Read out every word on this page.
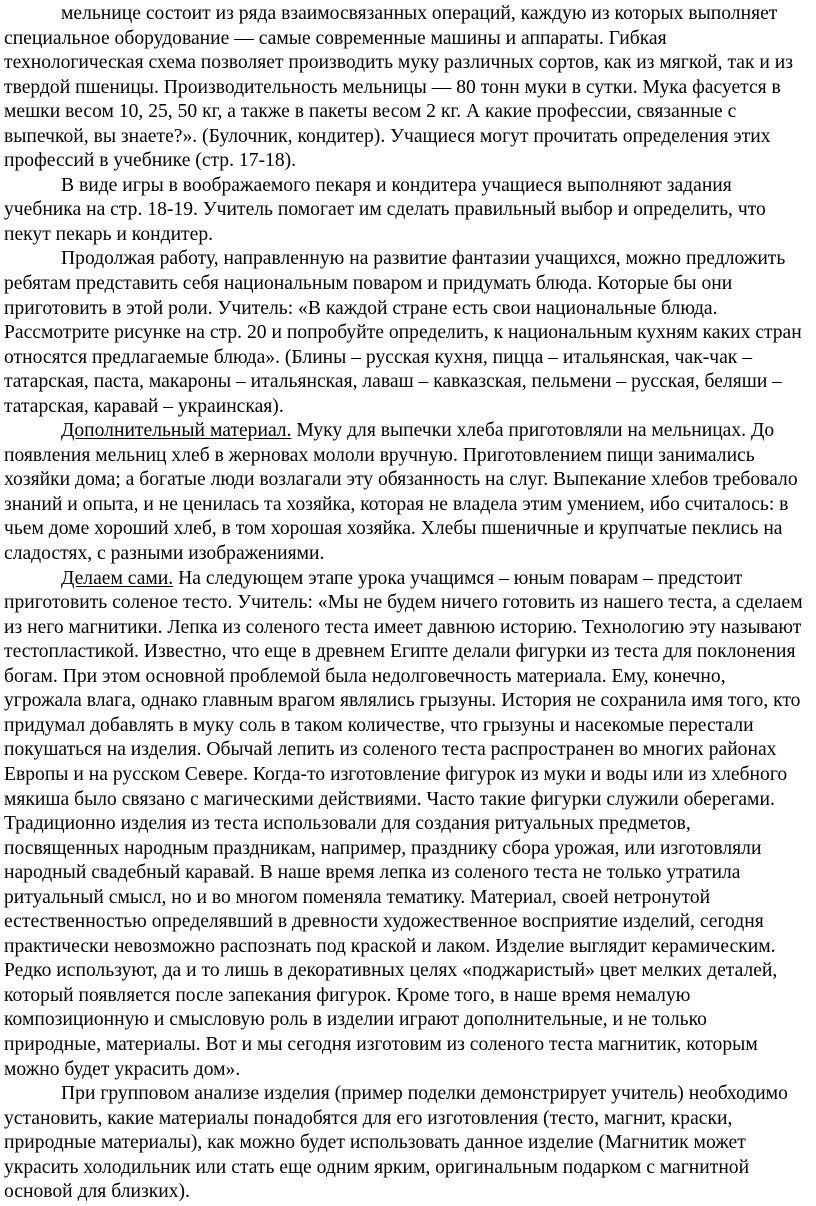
мельнице состоит из ряда взаимосвязанных операций, каждую из которых выполняет специальное оборудование — самые современные машины и аппараты. Гибкая технологическая схема позволяет производить муку различных сортов, как из мягкой, так и из твердой пшеницы. Производительность мельницы — 80 тонн муки в сутки. Мука фасуется в мешки весом 10, 25, 50 кг, а также в пакеты весом 2 кг. А какие профессии, связанные с выпечкой, вы знаете?». (Булочник, кондитер). Учащиеся могут прочитать определения этих профессий в учебнике (стр. 17-18).
В виде игры в воображаемого пекаря и кондитера учащиеся выполняют задания учебника на стр. 18-19. Учитель помогает им сделать правильный выбор и определить, что пекут пекарь и кондитер.
Продолжая работу, направленную на развитие фантазии учащихся, можно предложить ребятам представить себя национальным поваром и придумать блюда. Которые бы они приготовить в этой роли. Учитель: «В каждой стране есть свои национальные блюда. Рассмотрите рисунке на стр. 20 и попробуйте определить, к национальным кухням каких стран относятся предлагаемые блюда». (Блины – русская кухня, пицца – итальянская, чак-чак – татарская, паста, макароны – итальянская, лаваш – кавказская, пельмени – русская, беляши – татарская, каравай – украинская).
Дополнительный материал. Муку для выпечки хлеба приготовляли на мельницах. До появления мельниц хлеб в жерновах мололи вручную. Приготовлением пищи занимались хозяйки дома; а богатые люди возлагали эту обязанность на слуг. Выпекание хлебов требовало знаний и опыта, и не ценилась та хозяйка, которая не владела этим умением, ибо считалось: в чьем доме хороший хлеб, в том хорошая хозяйка. Хлебы пшеничные и крупчатые пеклись на сладостях, с разными изображениями.
Делаем сами. На следующем этапе урока учащимся – юным поварам – предстоит приготовить соленое тесто. Учитель: «Мы не будем ничего готовить из нашего теста, а сделаем из него магнитики. Лепка из соленого теста имеет давнюю историю. Технологию эту называют тестопластикой. Известно, что еще в древнем Египте делали фигурки из теста для поклонения богам. При этом основной проблемой была недолговечность материала. Ему, конечно, угрожала влага, однако главным врагом являлись грызуны. История не сохранила имя того, кто придумал добавлять в муку соль в таком количестве, что грызуны и насекомые перестали покушаться на изделия. Обычай лепить из соленого теста распространен во многих районах Европы и на русском Севере. Когда-то изготовление фигурок из муки и воды или из хлебного мякиша было связано с магическими действиями. Часто такие фигурки служили оберегами. Традиционно изделия из теста использовали для создания ритуальных предметов, посвященных народным праздникам, например, празднику сбора урожая, или изготовляли народный свадебный каравай. В наше время лепка из соленого теста не только утратила ритуальный смысл, но и во многом поменяла тематику. Материал, своей нетронутой естественностью определявший в древности художественное восприятие изделий, сегодня практически невозможно распознать под краской и лаком. Изделие выглядит керамическим. Редко используют, да и то лишь в декоративных целях «поджаристый» цвет мелких деталей, который появляется после запекания фигурок. Кроме того, в наше время немалую композиционную и смысловую роль в изделии играют дополнительные, и не только природные, материалы. Вот и мы сегодня изготовим из соленого теста магнитик, которым можно будет украсить дом».
При групповом анализе изделия (пример поделки демонстрирует учитель) необходимо установить, какие материалы понадобятся для его изготовления (тесто, магнит, краски, природные материалы), как можно будет использовать данное изделие (Магнитик может украсить холодильник или стать еще одним ярким, оригинальным подарком с магнитной основой для близких).
